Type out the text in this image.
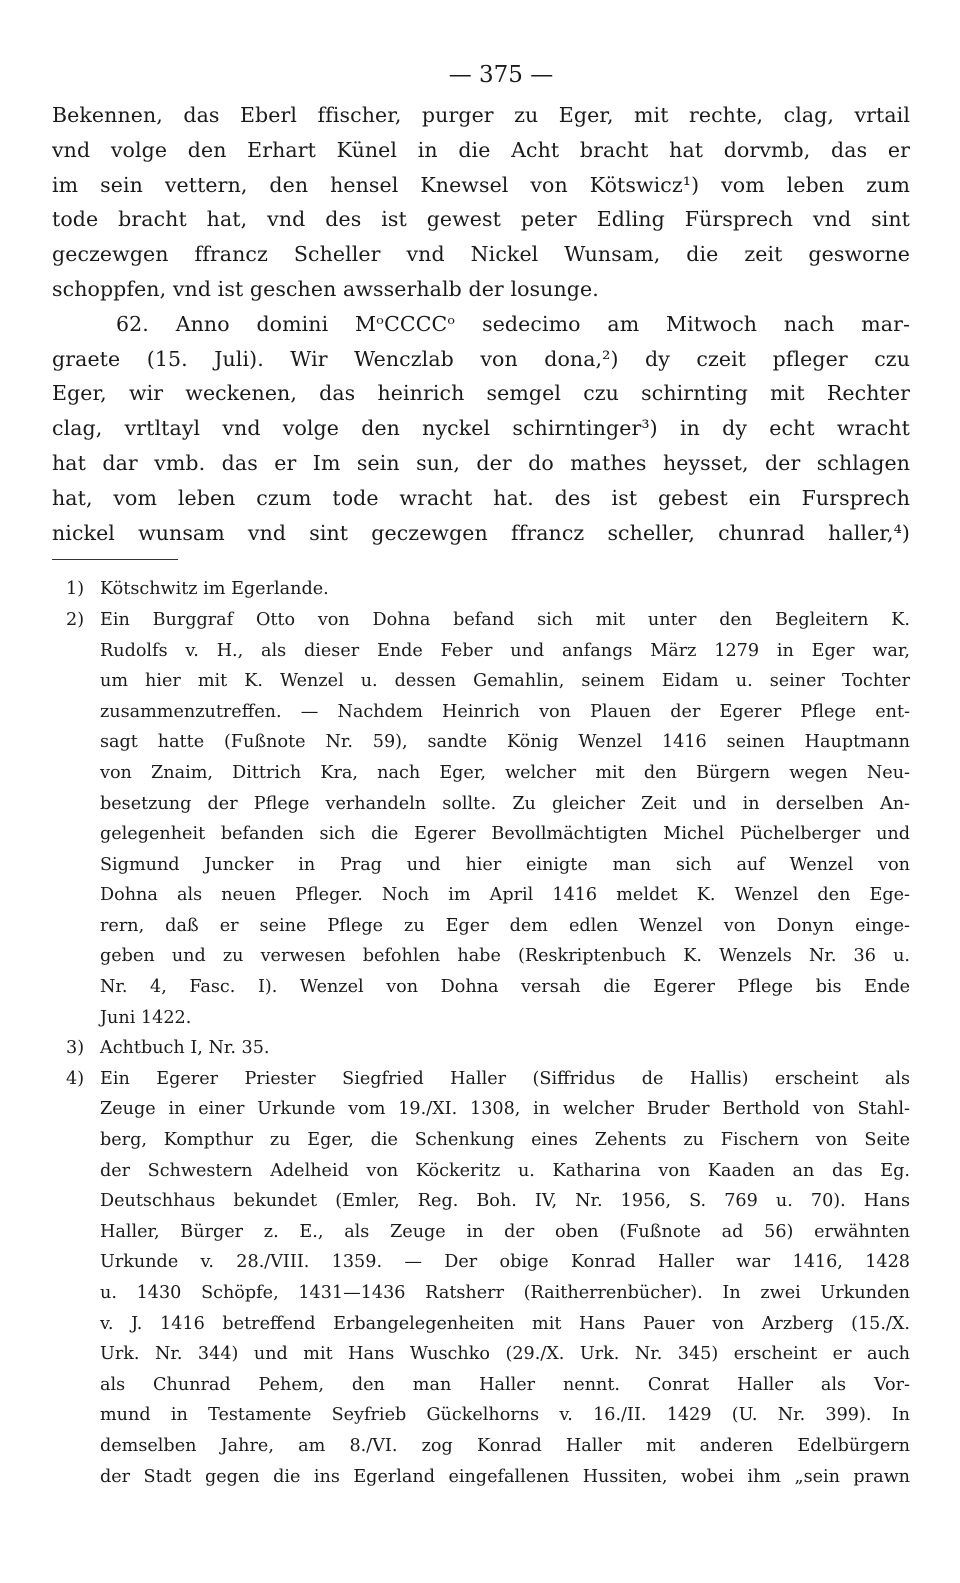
— 375 —
Bekennen, das Eberl ffischer, purger zu Eger, mit rechte, clag, vrtail
vnd volge den Erhart Künel in die Acht bracht hat dorvmb, das er
im sein vettern, den hensel Knewsel von Kötswicz¹) vom leben zum
tode bracht hat, vnd des ist gewest peter Edling Fürsprech vnd sint
geczewgen ffrancz Scheller vnd Nickel Wunsam, die zeit gesworne
schoppfen, vnd ist geschen awsserhalb der losunge.
62. Anno domini MᵒCCCCᵒ sedecimo am Mitwoch nach mar-
graete (15. Juli). Wir Wenczlab von dona,²) dy czeit pfleger czu
Eger, wir weckenen, das heinrich semgel czu schirnting mit Rechter
clag, vrtltayl vnd volge den nyckel schirntinger³) in dy echt wracht
hat dar vmb. das er Im sein sun, der do mathes heysset, der schlagen
hat, vom leben czum tode wracht hat. des ist gebest ein Fursprech
nickel wunsam vnd sint geczewgen ffrancz scheller, chunrad haller,⁴)
1) Kötschwitz im Egerlande.
2) Ein Burggraf Otto von Dohna befand sich mit unter den Begleitern K.
Rudolfs v. H., als dieser Ende Feber und anfangs März 1279 in Eger war,
um hier mit K. Wenzel u. dessen Gemahlin, seinem Eidam u. seiner Tochter
zusammenzutreffen. — Nachdem Heinrich von Plauen der Egerer Pflege ent-
sagt hatte (Fußnote Nr. 59), sandte König Wenzel 1416 seinen Hauptmann
von Znaim, Dittrich Kra, nach Eger, welcher mit den Bürgern wegen Neu-
besetzung der Pflege verhandeln sollte. Zu gleicher Zeit und in derselben An-
gelegenheit befanden sich die Egerer Bevollmächtigten Michel Püchelberger und
Sigmund Juncker in Prag und hier einigte man sich auf Wenzel von
Dohna als neuen Pfleger. Noch im April 1416 meldet K. Wenzel den Ege-
rern, daß er seine Pflege zu Eger dem edlen Wenzel von Donyn einge-
geben und zu verwesen befohlen habe (Reskriptenbuch K. Wenzels Nr. 36 u.
Nr. 4, Fasc. I). Wenzel von Dohna versah die Egerer Pflege bis Ende
Juni 1422.
3) Achtbuch I, Nr. 35.
4) Ein Egerer Priester Siegfried Haller (Siffridus de Hallis) erscheint als
Zeuge in einer Urkunde vom 19./XI. 1308, in welcher Bruder Berthold von Stahl-
berg, Kompthur zu Eger, die Schenkung eines Zehents zu Fischern von Seite
der Schwestern Adelheid von Köckeritz u. Katharina von Kaaden an das Eg.
Deutschhaus bekundet (Emler, Reg. Boh. IV, Nr. 1956, S. 769 u. 70). Hans
Haller, Bürger z. E., als Zeuge in der oben (Fußnote ad 56) erwähnten
Urkunde v. 28./VIII. 1359. — Der obige Konrad Haller war 1416, 1428
u. 1430 Schöpfe, 1431—1436 Ratsherr (Raitherrenbücher). In zwei Urkunden
v. J. 1416 betreffend Erbangelegenheiten mit Hans Pauer von Arzberg (15./X.
Urk. Nr. 344) und mit Hans Wuschko (29./X. Urk. Nr. 345) erscheint er auch
als Chunrad Pehem, den man Haller nennt. Conrat Haller als Vor-
mund in Testamente Seyfrieb Gückelhorns v. 16./II. 1429 (U. Nr. 399). In
demselben Jahre, am 8./VI. zog Konrad Haller mit anderen Edelbürgern
der Stadt gegen die ins Egerland eingefallenen Hussiten, wobei ihm „sein prawn
